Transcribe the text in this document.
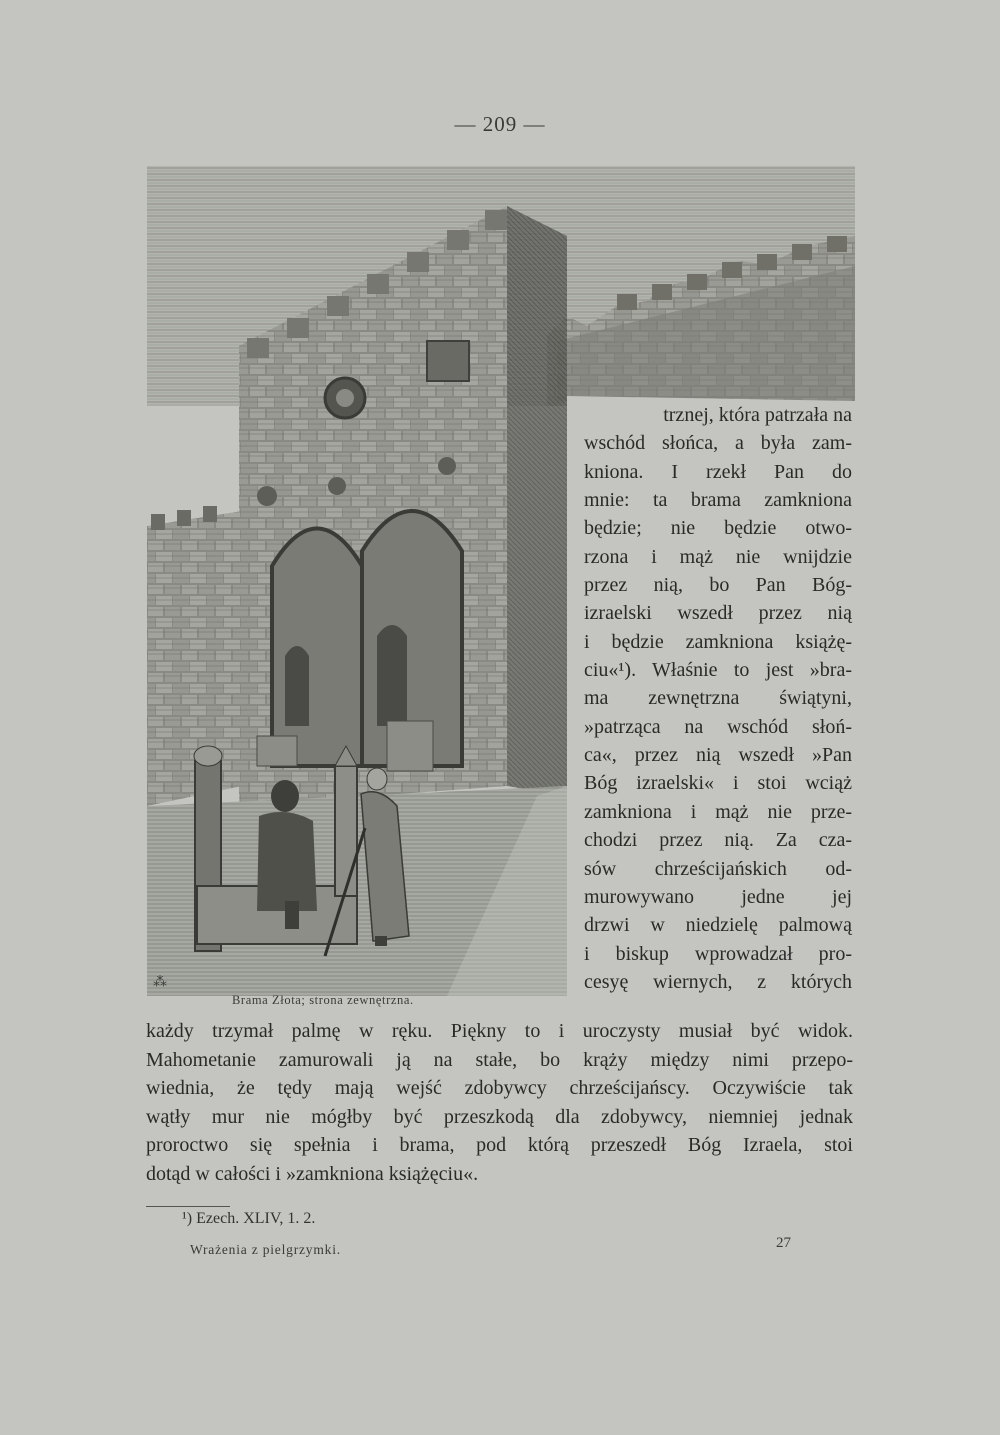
— 209 —
⁂
Brama Złota; strona zewnętrzna.
trznej, która patrzała na
wschód słońca, a była zam-
kniona. I rzekł Pan do
mnie: ta brama zamkniona
będzie; nie będzie otwo-
rzona i mąż nie wnijdzie
przez nią, bo Pan Bóg-
izraelski wszedł przez nią
i będzie zamkniona książę-
ciu«¹). Właśnie to jest »bra-
ma zewnętrzna świątyni,
»patrząca na wschód słoń-
ca«, przez nią wszedł »Pan
Bóg izraelski« i stoi wciąż
zamkniona i mąż nie prze-
chodzi przez nią. Za cza-
sów chrześcijańskich od-
murowywano jedne jej
drzwi w niedzielę palmową
i biskup wprowadzał pro-
cesyę wiernych, z których
każdy trzymał palmę w ręku. Piękny to i uroczysty musiał być widok.
Mahometanie zamurowali ją na stałe, bo krąży między nimi przepo-
wiednia, że tędy mają wejść zdobywcy chrześcijańscy. Oczywiście tak
wątły mur nie mógłby być przeszkodą dla zdobywcy, niemniej jednak
proroctwo się spełnia i brama, pod którą przeszedł Bóg Izraela, stoi
dotąd w całości i »zamkniona książęciu«.
¹) Ezech. XLIV, 1. 2.
Wrażenia z pielgrzymki.	27
